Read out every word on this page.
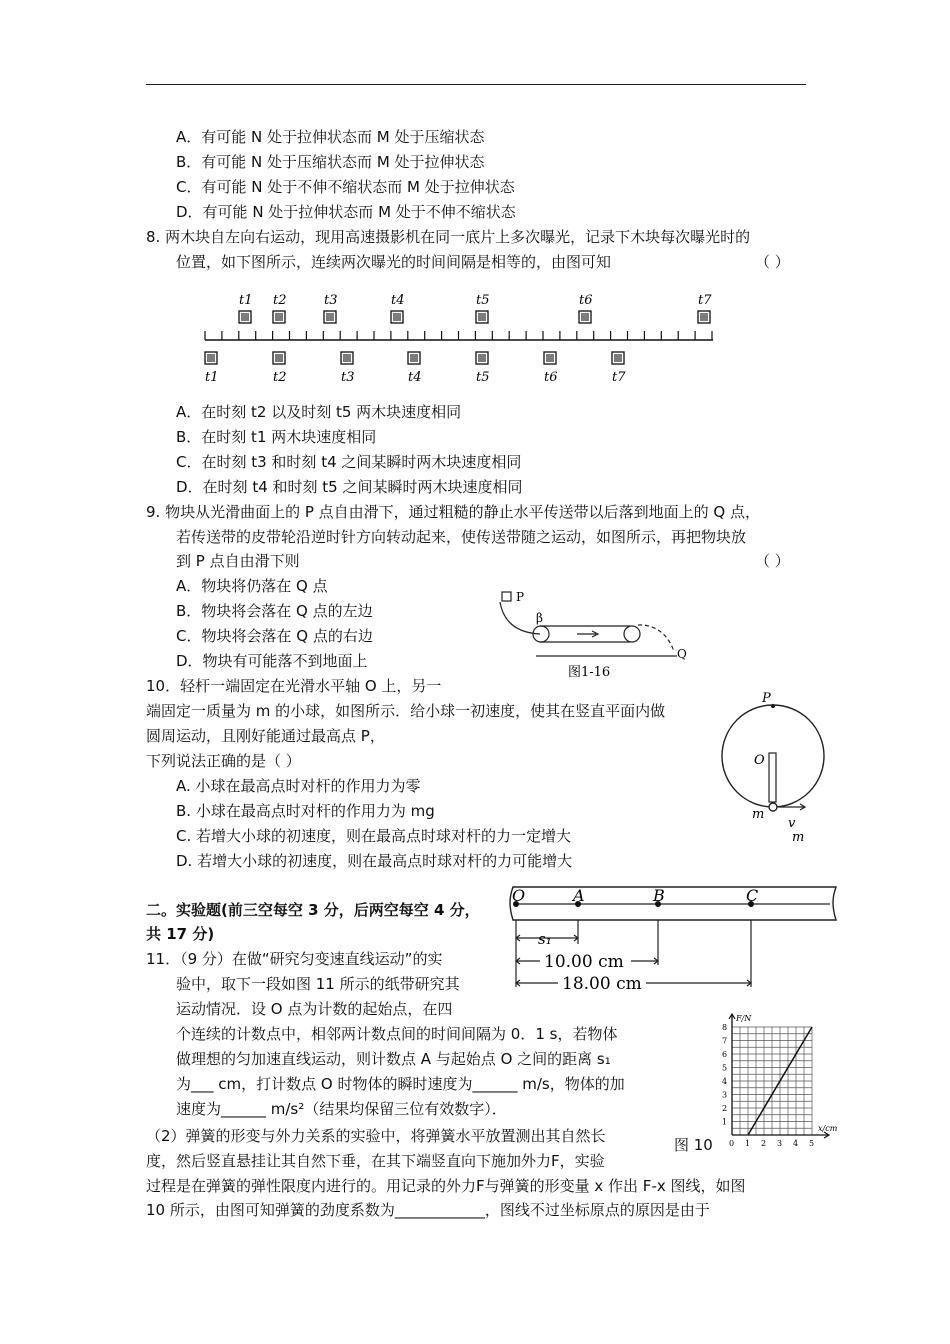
A．有可能 N 处于拉伸状态而 M 处于压缩状态
B．有可能 N 处于压缩状态而 M 处于拉伸状态
C．有可能 N 处于不伸不缩状态而 M 处于拉伸状态
D．有可能 N 处于拉伸状态而 M 处于不伸不缩状态
8. 两木块自左向右运动，现用高速摄影机在同一底片上多次曝光，记录下木块每次曝光时的
位置，如下图所示，连续两次曝光的时间间隔是相等的，由图可知	（ ）
t1 t2	t3	t4	t5	t6	t7
t1	t2	t3	t4	t5	t6	t7
A．在时刻 t2 以及时刻 t5 两木块速度相同
B．在时刻 t1 两木块速度相同
C．在时刻 t3 和时刻 t4 之间某瞬时两木块速度相同
D．在时刻 t4 和时刻 t5 之间某瞬时两木块速度相同
9. 物块从光滑曲面上的 P 点自由滑下，通过粗糙的静止水平传送带以后落到地面上的 Q 点，
若传送带的皮带轮沿逆时针方向转动起来，使传送带随之运动，如图所示，再把物块放
到 P 点自由滑下则	（ ）
A．物块将仍落在 Q 点
B．物块将会落在 Q 点的左边
C．物块将会落在 Q 点的右边
D．物块有可能落不到地面上
P
β
Q
图1-16
10．轻杆一端固定在光滑水平轴 O 上，另一
端固定一质量为 m 的小球，如图所示．给小球一初速度，使其在竖直平面内做
圆周运动，且刚好能通过最高点 P，
下列说法正确的是（ ）
A. 小球在最高点时对杆的作用力为零
B. 小球在最高点时对杆的作用力为 mg
C. 若增大小球的初速度，则在最高点时球对杆的力一定增大
D. 若增大小球的初速度，则在最高点时球对杆的力可能增大
P
O
m
v
m
二。实验题(前三空每空 3 分，后两空每空 4 分，
共 17 分)
O	A	B	C
s₁
10.00 cm
18.00 cm
11．（9 分）在做“研究匀变速直线运动”的实
验中，取下一段如图 11 所示的纸带研究其
运动情况．设 O 点为计数的起始点，在四
个连续的计数点中，相邻两计数点间的时间间隔为 0．1 s，若物体
做理想的匀加速直线运动，则计数点 A 与起始点 O 之间的距离 s₁
为___ cm，打计数点 O 时物体的瞬时速度为______ m/s，物体的加
速度为______ m/s²（结果均保留三位有效数字）．
（2）弹簧的形变与外力关系的实验中，将弹簧水平放置测出其自然长
度，然后竖直悬挂让其自然下垂，在其下端竖直向下施加外力F，实验
过程是在弹簧的弹性限度内进行的。用记录的外力F与弹簧的形变量 x 作出 F-x 图线，如图
10 所示，由图可知弹簧的劲度系数为____________，图线不过坐标原点的原因是由于
图 10
F/N
x/cm
0 1 2 3 4 5
1
2
3
4
5
6
7
8
